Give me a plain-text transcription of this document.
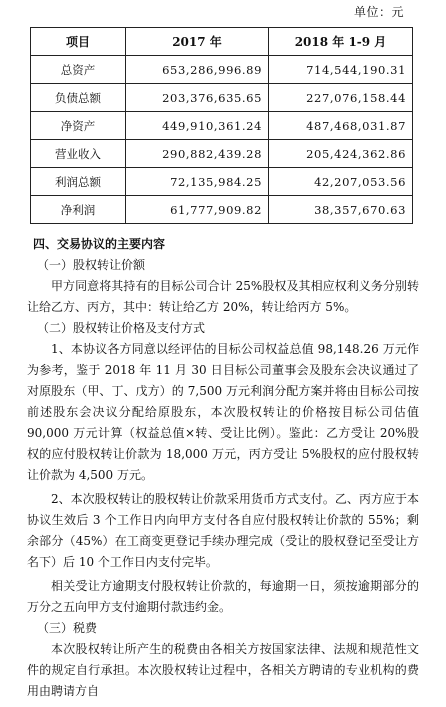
单位：元
项目	2017 年	2018 年 1-9 月
总资产	653,286,996.89	714,544,190.31
负债总额	203,376,635.65	227,076,158.44
净资产	449,910,361.24	487,468,031.87
营业收入	290,882,439.28	205,424,362.86
利润总额	72,135,984.25	42,207,053.56
净利润	61,777,909.82	38,357,670.63

四、交易协议的主要内容

（一）股权转让价额

甲方同意将其持有的目标公司合计 25%股权及其相应权利义务分别转让给乙方、丙方，其中：转让给乙方 20%，转让给丙方 5%。

（二）股权转让价格及支付方式

1、本协议各方同意以经评估的目标公司权益总值 98,148.26 万元作为参考，鉴于 2018 年 11 月 30 日目标公司董事会及股东会决议通过了对原股东（甲、丁、戊方）的 7,500 万元利润分配方案并将由目标公司按前述股东会决议分配给原股东，本次股权转让的价格按目标公司估值 90,000 万元计算（权益总值×转、受让比例）。鉴此：乙方受让 20%股权的应付股权转让价款为 18,000 万元，丙方受让 5%股权的应付股权转让价款为 4,500 万元。

2、本次股权转让的股权转让价款采用货币方式支付。乙、丙方应于本协议生效后 3 个工作日内向甲方支付各自应付股权转让价款的 55%；剩余部分（45%）在工商变更登记手续办理完成（受让的股权登记至受让方名下）后 10 个工作日内支付完毕。

相关受让方逾期支付股权转让价款的，每逾期一日，须按逾期部分的万分之五向甲方支付逾期付款违约金。

（三）税费

本次股权转让所产生的税费由各相关方按国家法律、法规和规范性文件的规定自行承担。本次股权转让过程中，各相关方聘请的专业机构的费用由聘请方自
